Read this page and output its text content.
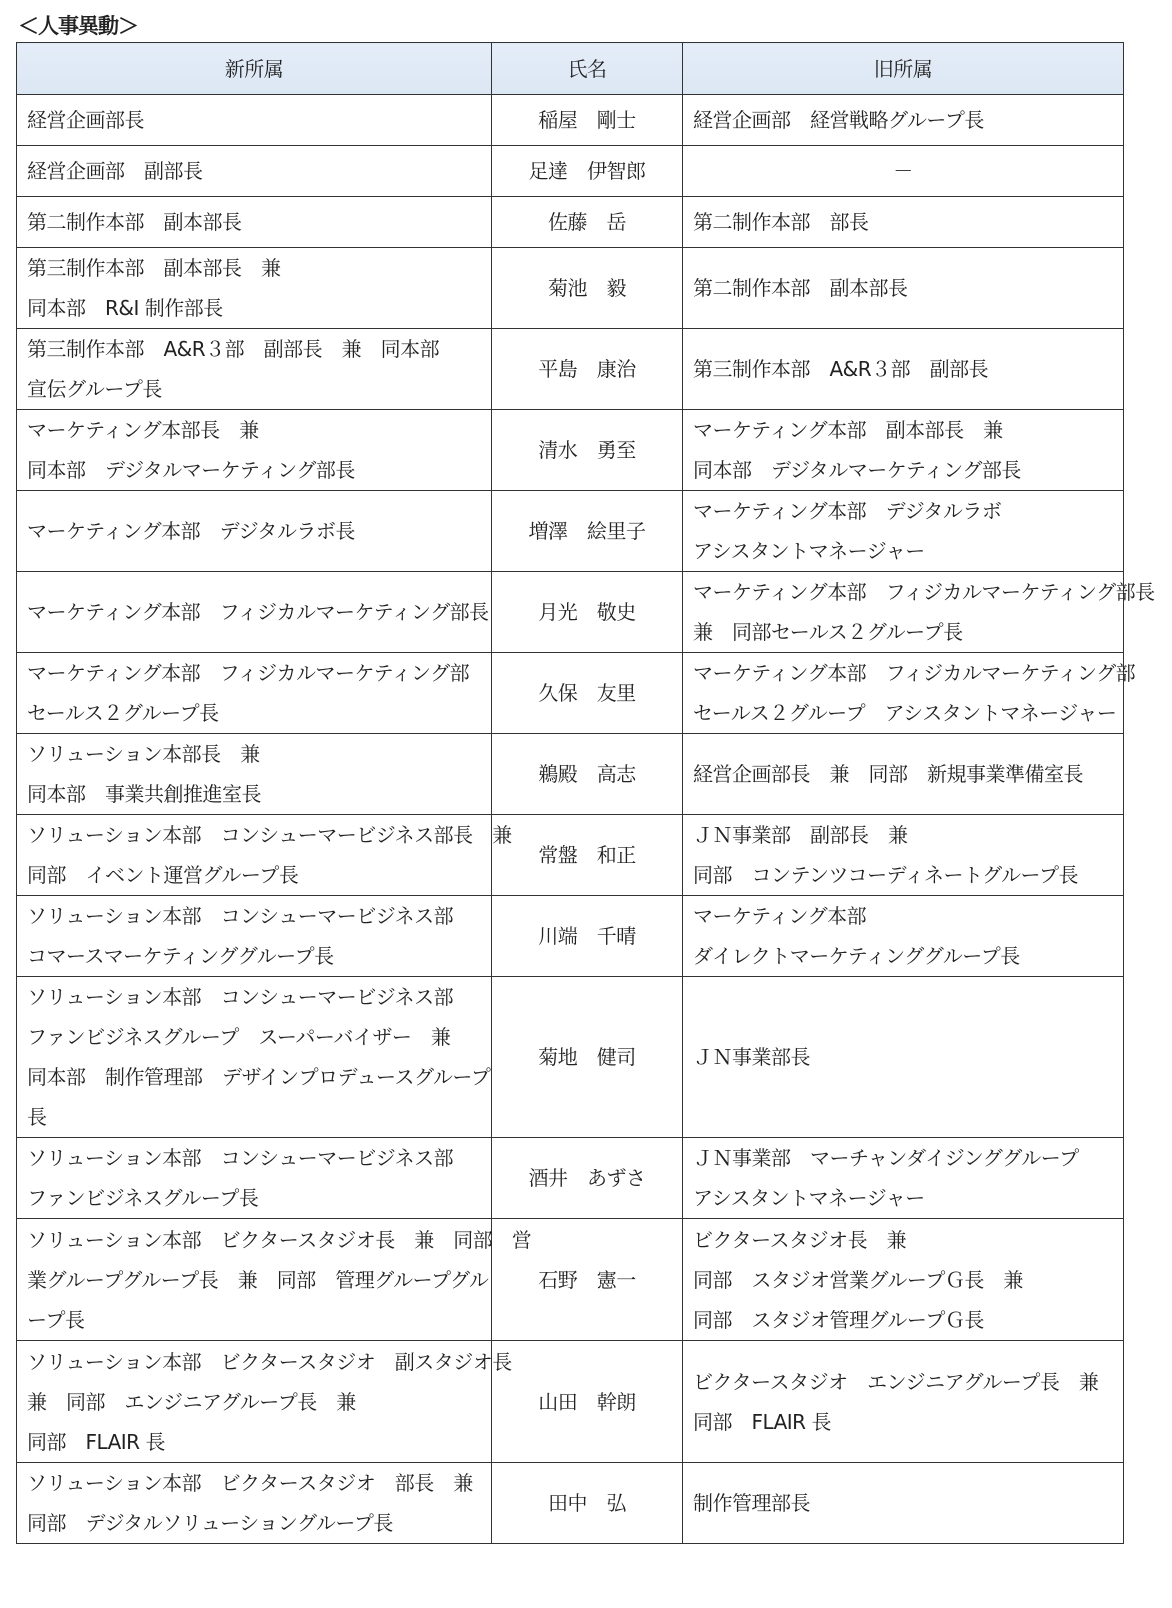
＜人事異動＞
新所属	氏名	旧所属

経営企画部長	稲屋　剛士	経営企画部　経営戦略グループ長

経営企画部　副部長	足達　伊智郎	－

第二制作本部　副本部長	佐藤　岳	第二制作本部　部長

第三制作本部　副本部長　兼
同本部　R&I 制作部長	菊池　毅	第二制作本部　副本部長

第三制作本部　A&R３部　副部長　兼　同本部
宣伝グループ長	平島　康治	第三制作本部　A&R３部　副部長

マーケティング本部長　兼
同本部　デジタルマーケティング部長	清水　勇至	マーケティング本部　副本部長　兼
同本部　デジタルマーケティング部長

マーケティング本部　デジタルラボ長	増澤　絵里子	マーケティング本部　デジタルラボ
アシスタントマネージャー

マーケティング本部　フィジカルマーケティング部長	月光　敬史	マーケティング本部　フィジカルマーケティング部長
兼　同部セールス２グループ長

マーケティング本部　フィジカルマーケティング部
セールス２グループ長	久保　友里	マーケティング本部　フィジカルマーケティング部
セールス２グループ　アシスタントマネージャー

ソリューション本部長　兼
同本部　事業共創推進室長	鵜殿　高志	経営企画部長　兼　同部　新規事業準備室長

ソリューション本部　コンシューマービジネス部長　兼
同部　イベント運営グループ長	常盤　和正	ＪＮ事業部　副部長　兼
同部　コンテンツコーディネートグループ長

ソリューション本部　コンシューマービジネス部
コマースマーケティンググループ長	川端　千晴	マーケティング本部
ダイレクトマーケティンググループ長

ソリューション本部　コンシューマービジネス部
ファンビジネスグループ　スーパーバイザー　兼
同本部　制作管理部　デザインプロデュースグループ
長	菊地　健司	ＪＮ事業部長

ソリューション本部　コンシューマービジネス部
ファンビジネスグループ長	酒井　あずさ	ＪＮ事業部　マーチャンダイジンググループ
アシスタントマネージャー

ソリューション本部　ビクタースタジオ長　兼　同部　営
業グループグループ長　兼　同部　管理グループグル
ープ長	石野　憲一	ビクタースタジオ長　兼
同部　スタジオ営業グループＧ長　兼
同部　スタジオ管理グループＧ長

ソリューション本部　ビクタースタジオ　副スタジオ長
兼　同部　エンジニアグループ長　兼
同部　FLAIR 長	山田　幹朗	ビクタースタジオ　エンジニアグループ長　兼
同部　FLAIR 長

ソリューション本部　ビクタースタジオ　部長　兼
同部　デジタルソリューショングループ長	田中　弘	制作管理部長
